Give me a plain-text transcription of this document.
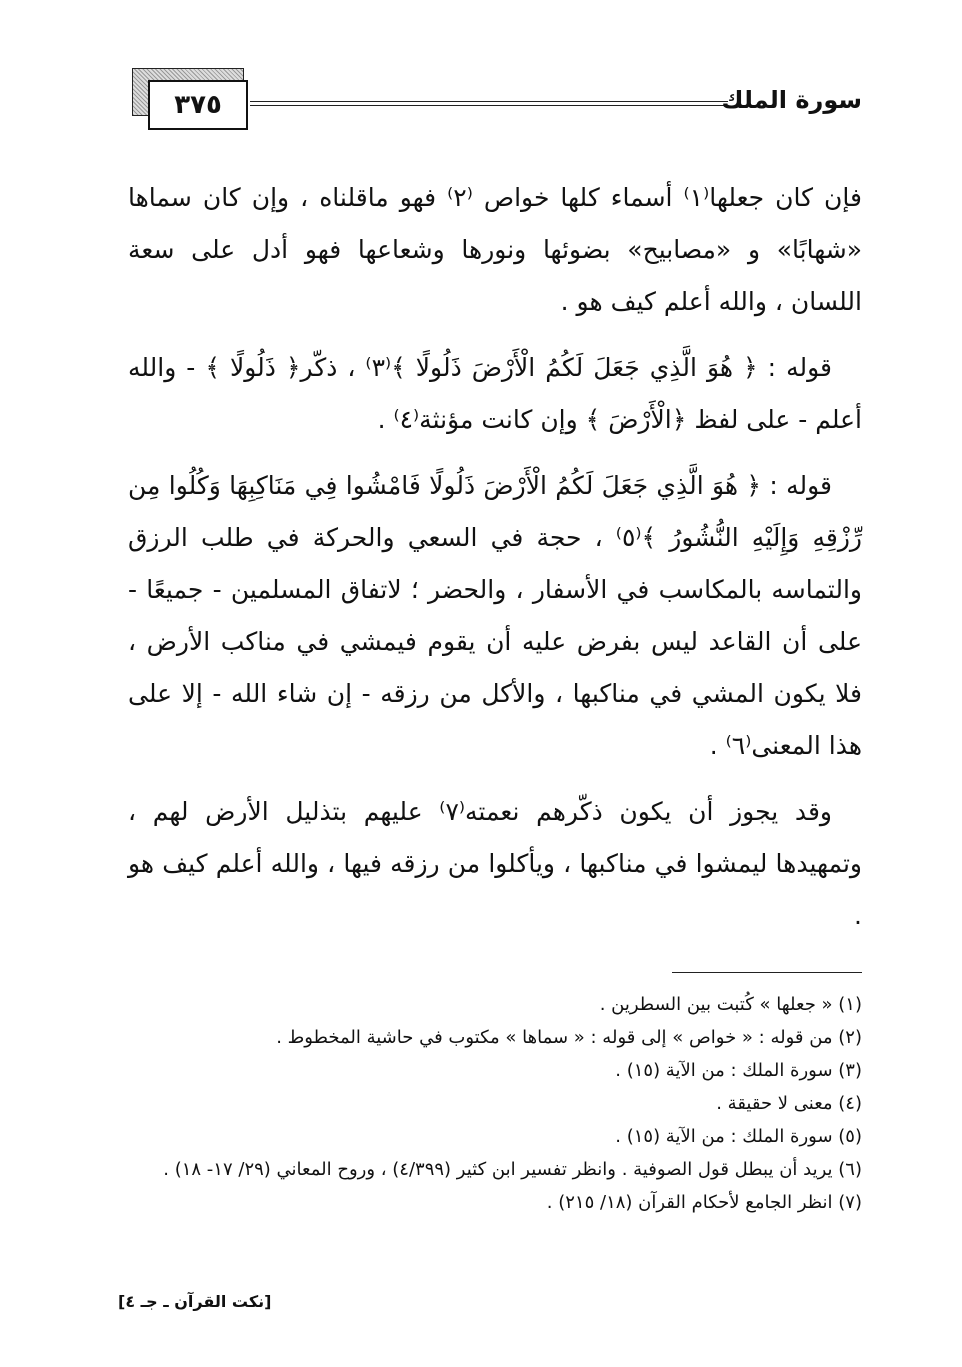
٣٧٥	سورة الملك

فإن كان جعلها⁽١⁾ أسماء كلها خواص ⁽٢⁾ فهو ماقلناه ، وإن كان سماها «شهابًا» و «مصابيح» بضوئها ونورها وشعاعها فهو أدل على سعة اللسان ، والله أعلم كيف هو .

قوله : ﴿ هُوَ الَّذِي جَعَلَ لَكُمُ الْأَرْضَ ذَلُولًا ﴾⁽٣⁾ ، ذكّر﴿ ذَلُولًا ﴾ - والله أعلم - على لفظ ﴿الْأَرْضَ ﴾ وإن كانت مؤنثة⁽٤⁾ .

قوله : ﴿ هُوَ الَّذِي جَعَلَ لَكُمُ الْأَرْضَ ذَلُولًا فَامْشُوا فِي مَنَاكِبِهَا وَكُلُوا مِن رِّزْقِهِ وَإِلَيْهِ النُّشُورُ ﴾⁽٥⁾ ، حجة في السعي والحركة في طلب الرزق والتماسه بالمكاسب في الأسفار ، والحضر ؛ لاتفاق المسلمين - جميعًا - على أن القاعد ليس بفرض عليه أن يقوم فيمشي في مناكب الأرض ، فلا يكون المشي في مناكبها ، والأكل من رزقه - إن شاء الله - إلا على هذا المعنى⁽٦⁾ .

وقد يجوز أن يكون ذكّرهم نعمته⁽٧⁾ عليهم بتذليل الأرض لهم ، وتمهيدها ليمشوا في مناكبها ، ويأكلوا من رزقه فيها ، والله أعلم كيف هو .

(١) « جعلها » كُتبت بين السطرين .

(٢) من قوله : « خواص » إلى قوله : « سماها » مكتوب في حاشية المخطوط .

(٣) سورة الملك : من الآية (١٥) .

(٤) معنى لا حقيقة .

(٥) سورة الملك : من الآية (١٥) .

(٦) يريد أن يبطل قول الصوفية . وانظر تفسير ابن كثير (٤/٣٩٩) ، وروح المعاني (٢٩/ ١٧- ١٨) .

(٧) انظر الجامع لأحكام القرآن (١٨/ ٢١٥) .

[نكت القرآن ـ جـ ٤]
